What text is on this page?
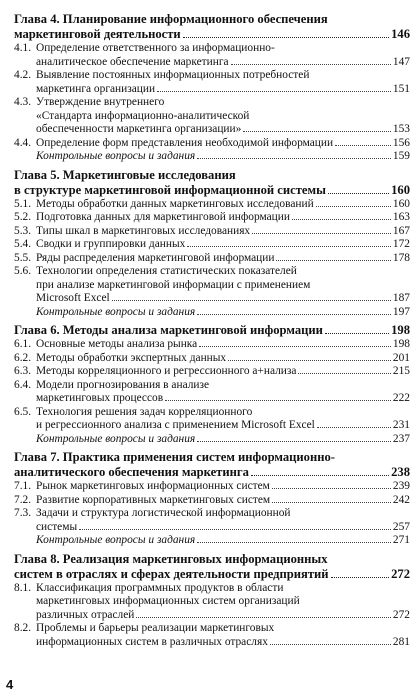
Глава 4. Планирование информационного обеспечения
маркетинговой деятельности	146
4.1. Определение ответственного за информационно-
аналитическое обеспечение маркетинга	147
4.2. Выявление постоянных информационных потребностей
маркетинга организации	151
4.3. Утверждение внутреннего
«Стандарта информационно-аналитической
обеспеченности маркетинга организации»	153
4.4. Определение форм представления необходимой информации	156
Контрольные вопросы и задания	159
Глава 5. Маркетинговые исследования
в структуре маркетинговой информационной системы	160
5.1. Методы обработки данных маркетинговых исследований	160
5.2. Подготовка данных для маркетинговой информации	163
5.3. Типы шкал в маркетинговых исследованиях	167
5.4. Сводки и группировки данных	172
5.5. Ряды распределения маркетинговой информации	178
5.6. Технологии определения статистических показателей
при анализе маркетинговой информации с применением
Microsoft Excel	187
Контрольные вопросы и задания	197
Глава 6. Методы анализа маркетинговой информации	198
6.1. Основные методы анализа рынка	198
6.2. Методы обработки экспертных данных	201
6.3. Методы корреляционного и регрессионного а+нализа	215
6.4. Модели прогнозирования в анализе
маркетинговых процессов	222
6.5. Технология решения задач корреляционного
и регрессионного анализа с применением Microsoft Excel	231
Контрольные вопросы и задания	237
Глава 7. Практика применения систем информационно-
аналитического обеспечения маркетинга	238
7.1. Рынок маркетинговых информационных систем	239
7.2. Развитие корпоративных маркетинговых систем	242
7.3. Задачи и структура логистической информационной
системы	257
Контрольные вопросы и задания	271
Глава 8. Реализация маркетинговых информационных
систем в отраслях и сферах деятельности предприятий	272
8.1. Классификация программных продуктов в области
маркетинговых информационных систем организаций
различных отраслей	272
8.2. Проблемы и барьеры реализации маркетинговых
информационных систем в различных отраслях	281
4
